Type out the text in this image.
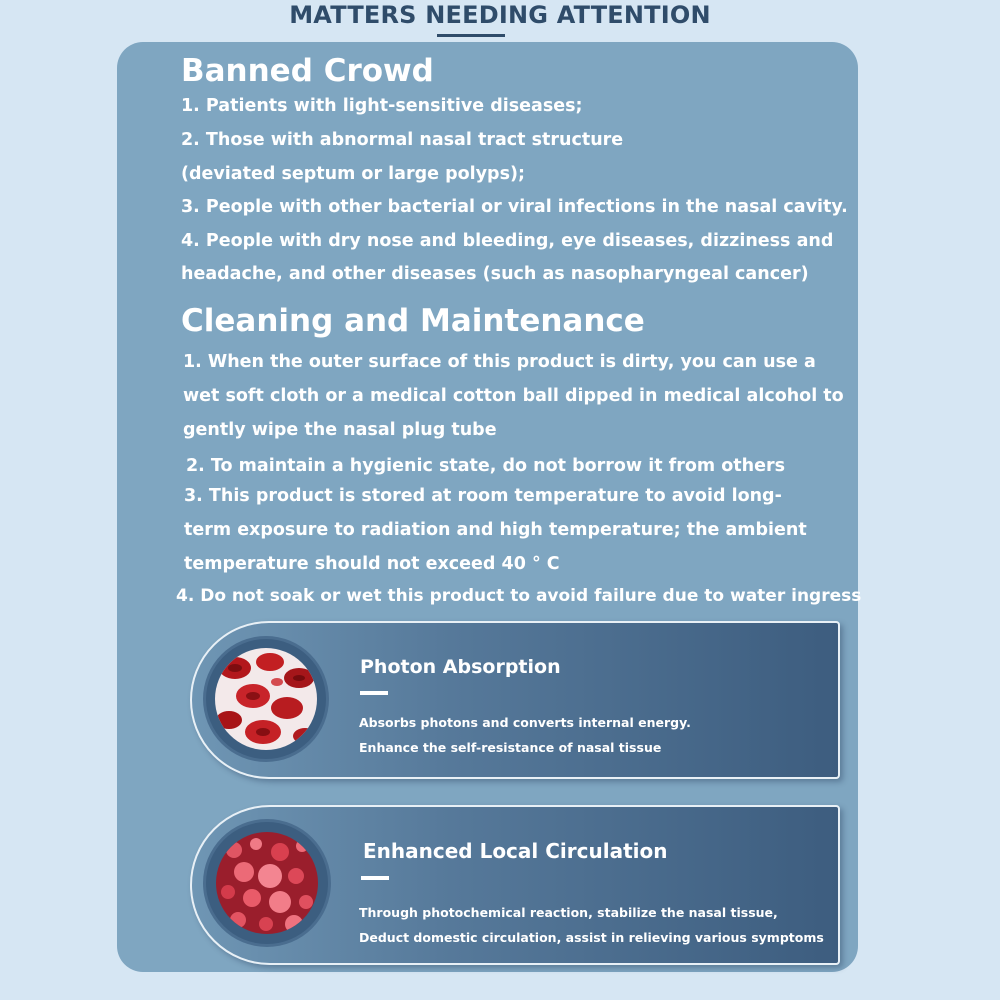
MATTERS NEEDING ATTENTION
Banned Crowd
1. Patients with light-sensitive diseases;
2. Those with abnormal nasal tract structure
(deviated septum or large polyps);
3. People with other bacterial or viral infections in the nasal cavity.
4. People with dry nose and bleeding, eye diseases, dizziness and
headache, and other diseases (such as nasopharyngeal cancer)
Cleaning and Maintenance
1. When the outer surface of this product is dirty, you can use a
wet soft cloth or a medical cotton ball dipped in medical alcohol to
gently wipe the nasal plug tube
2. To maintain a hygienic state, do not borrow it from others
3. This product is stored at room temperature to avoid long-
term exposure to radiation and high temperature; the ambient
temperature should not exceed 40 ° C
4. Do not soak or wet this product to avoid failure due to water ingress
Photon Absorption
Absorbs photons and converts internal energy.
Enhance the self-resistance of nasal tissue
Enhanced Local Circulation
Through photochemical reaction, stabilize the nasal tissue,
Deduct domestic circulation, assist in relieving various symptoms
